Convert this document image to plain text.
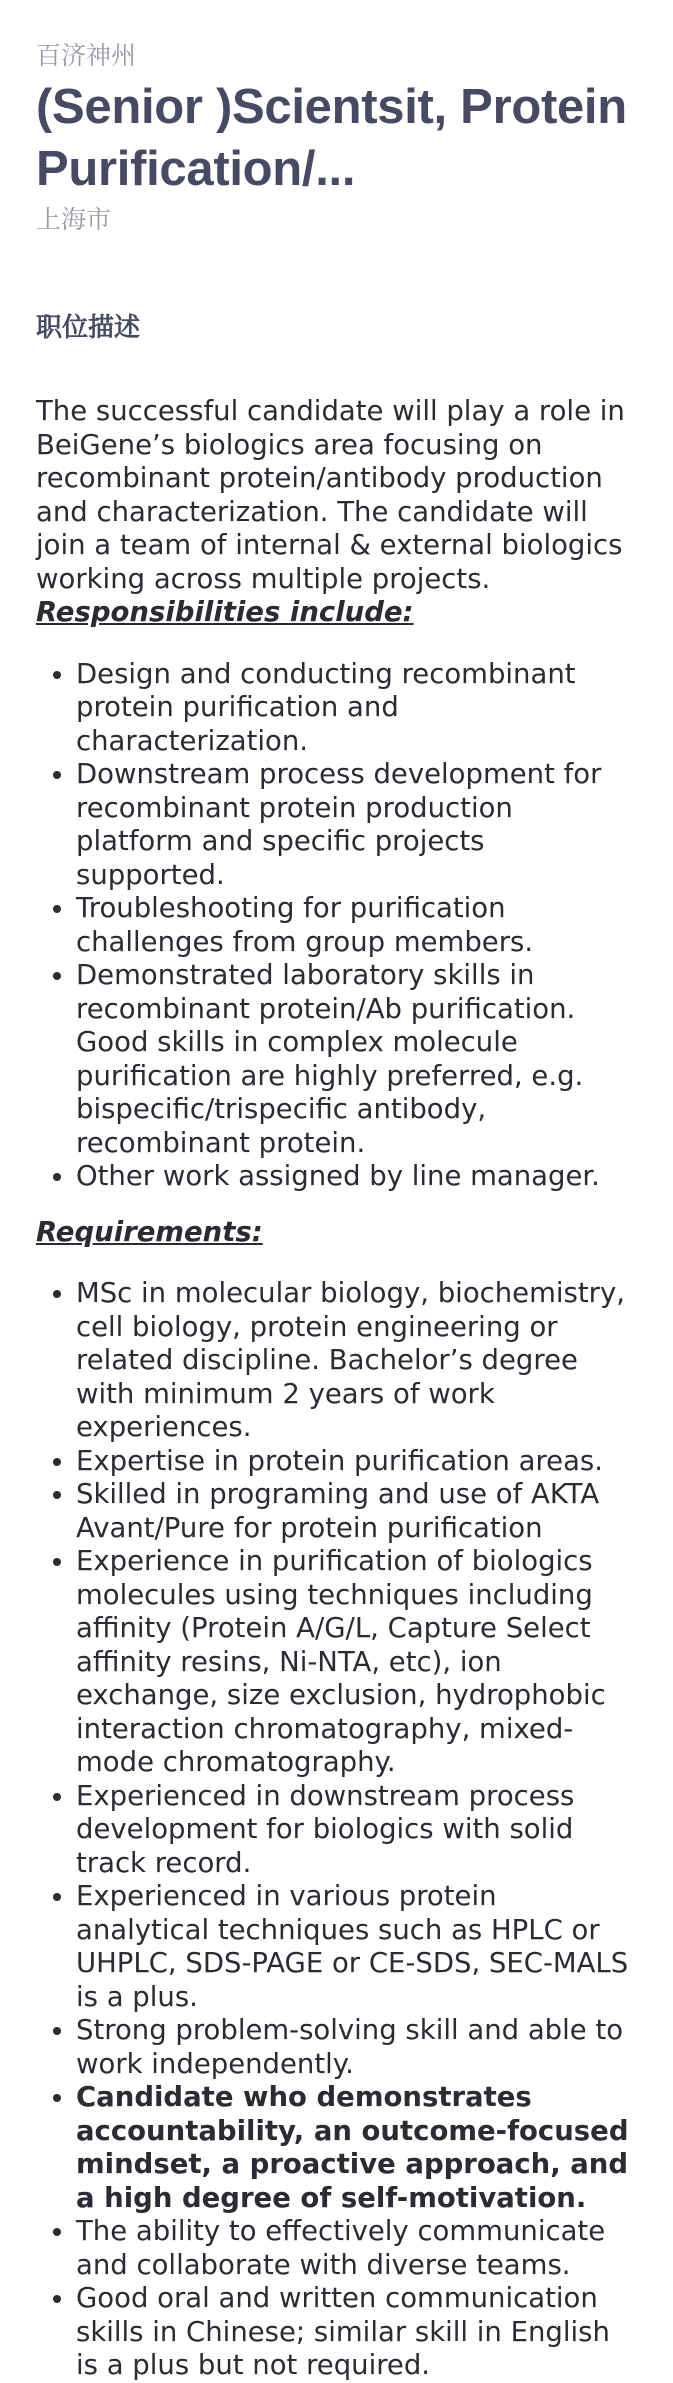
百济神州

(Senior )Scientsit, Protein Purification/...

上海市

职位描述

The successful candidate will play a role in BeiGene’s biologics area focusing on recombinant protein/antibody production and characterization. The candidate will join a team of internal & external biologics working across multiple projects.

Responsibilities include:

• Design and conducting recombinant protein purification and characterization.
• Downstream process development for recombinant protein production platform and specific projects supported.
• Troubleshooting for purification challenges from group members.
• Demonstrated laboratory skills in recombinant protein/Ab purification. Good skills in complex molecule purification are highly preferred, e.g. bispecific/trispecific antibody, recombinant protein.
• Other work assigned by line manager.

Requirements:

• MSc in molecular biology, biochemistry, cell biology, protein engineering or related discipline. Bachelor’s degree with minimum 2 years of work experiences.
• Expertise in protein purification areas.
• Skilled in programing and use of AKTA Avant/Pure for protein purification
• Experience in purification of biologics molecules using techniques including affinity (Protein A/G/L, Capture Select affinity resins, Ni-NTA, etc), ion exchange, size exclusion, hydrophobic interaction chromatography, mixed-mode chromatography.
• Experienced in downstream process development for biologics with solid track record.
• Experienced in various protein analytical techniques such as HPLC or UHPLC, SDS-PAGE or CE-SDS, SEC-MALS is a plus.
• Strong problem-solving skill and able to work independently.
• Candidate who demonstrates accountability, an outcome-focused mindset, a proactive approach, and a high degree of self-motivation.
• The ability to effectively communicate and collaborate with diverse teams.
• Good oral and written communication skills in Chinese; similar skill in English is a plus but not required.
